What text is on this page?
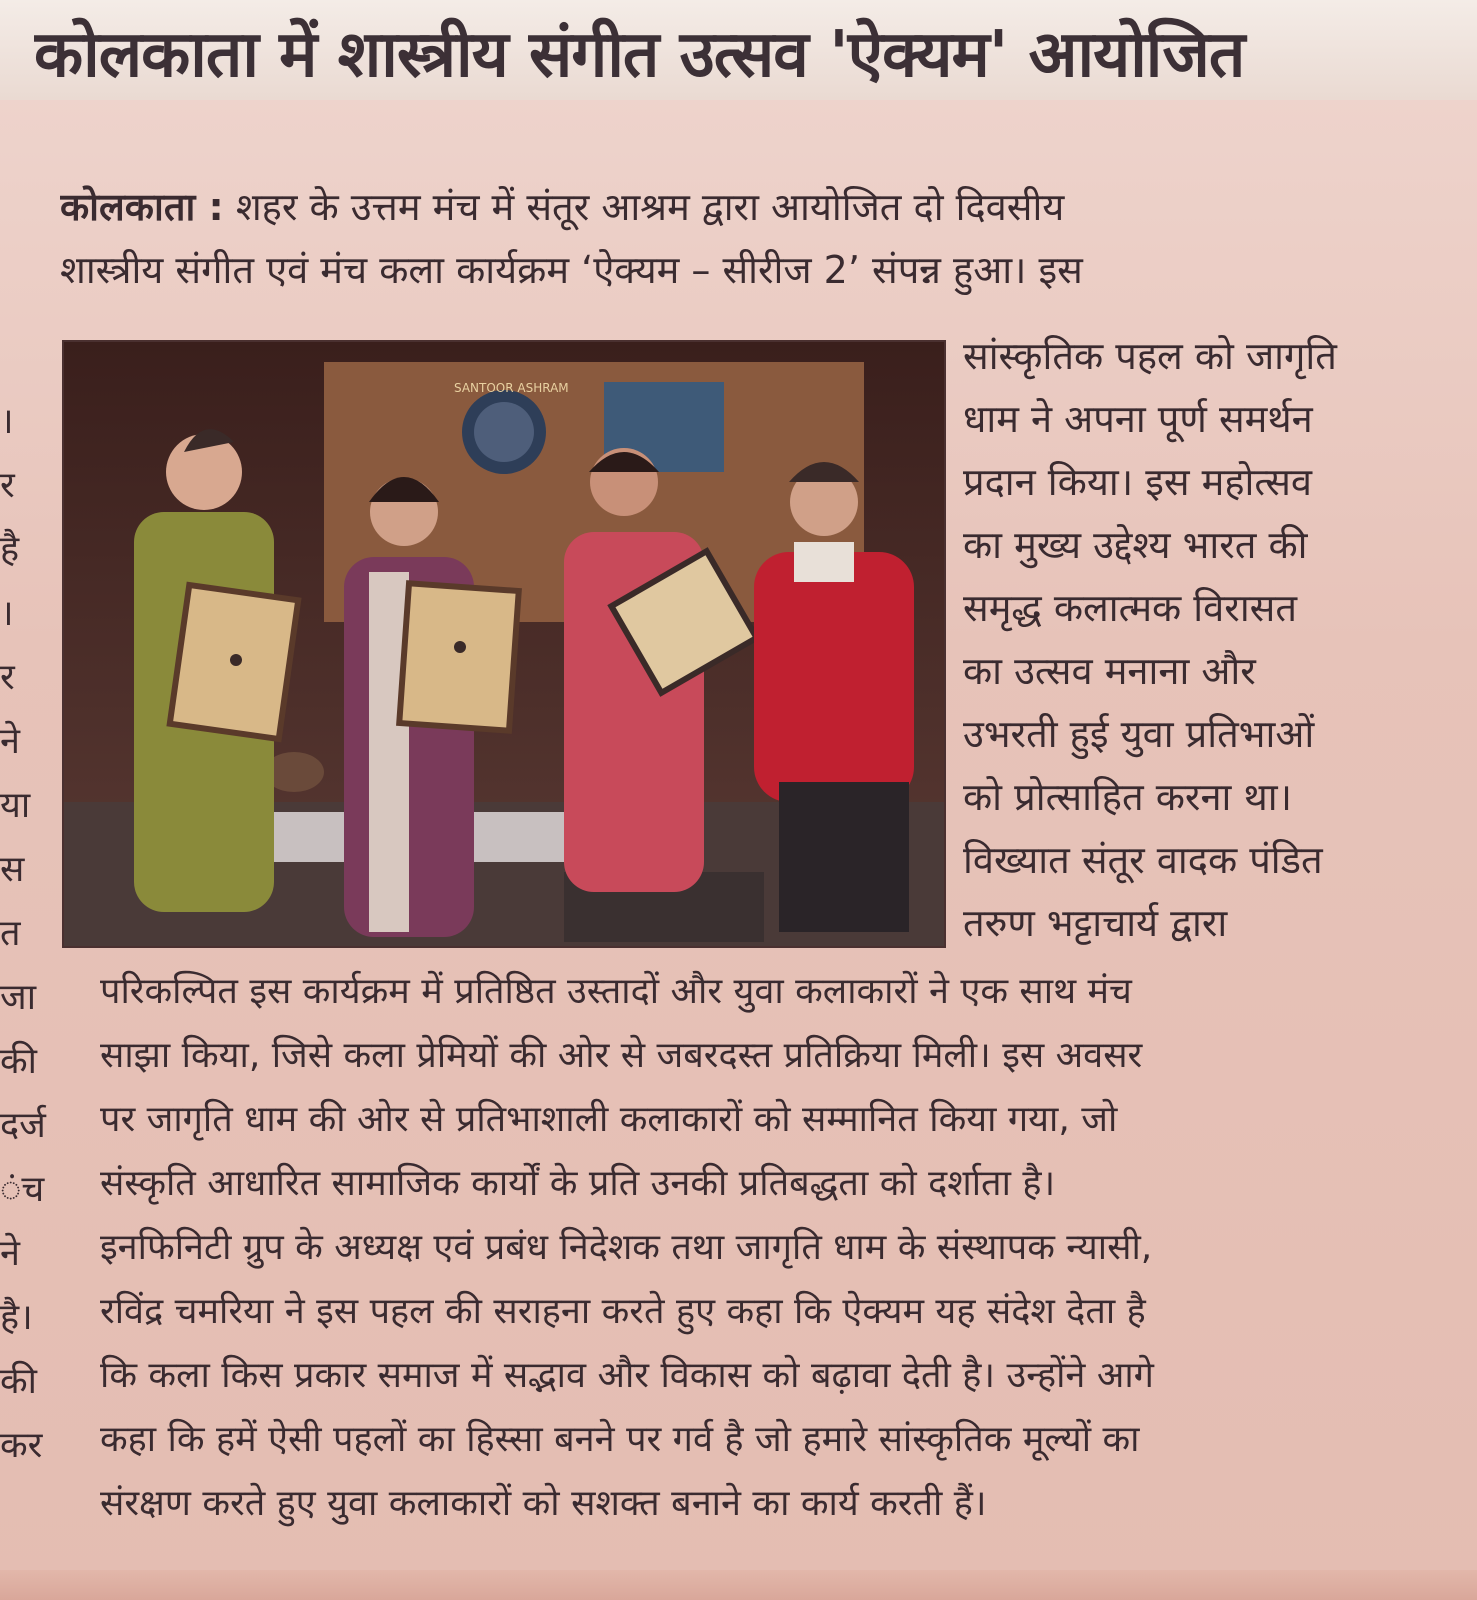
कोलकाता में शास्त्रीय संगीत उत्सव 'ऐक्यम' आयोजित
कोलकाता : शहर के उत्तम मंच में संतूर आश्रम द्वारा आयोजित दो दिवसीय
शास्त्रीय संगीत एवं मंच कला कार्यक्रम ‘ऐक्यम – सीरीज 2’ संपन्न हुआ। इस
SANTOOR ASHRAM
सांस्कृतिक पहल को जागृति
धाम ने अपना पूर्ण समर्थन
प्रदान किया। इस महोत्सव
का मुख्य उद्देश्य भारत की
समृद्ध कलात्मक विरासत
का उत्सव मनाना और
उभरती हुई युवा प्रतिभाओं
को प्रोत्साहित करना था।
विख्यात संतूर वादक पंडित
तरुण भट्टाचार्य द्वारा
परिकल्पित इस कार्यक्रम में प्रतिष्ठित उस्तादों और युवा कलाकारों ने एक साथ मंच
साझा किया, जिसे कला प्रेमियों की ओर से जबरदस्त प्रतिक्रिया मिली। इस अवसर
पर जागृति धाम की ओर से प्रतिभाशाली कलाकारों को सम्मानित किया गया, जो
संस्कृति आधारित सामाजिक कार्यों के प्रति उनकी प्रतिबद्धता को दर्शाता है।
इनफिनिटी ग्रुप के अध्यक्ष एवं प्रबंध निदेशक तथा जागृति धाम के संस्थापक न्यासी,
रविंद्र चमरिया ने इस पहल की सराहना करते हुए कहा कि ऐक्यम यह संदेश देता है
कि कला किस प्रकार समाज में सद्भाव और विकास को बढ़ावा देती है। उन्होंने आगे
कहा कि हमें ऐसी पहलों का हिस्सा बनने पर गर्व है जो हमारे सांस्कृतिक मूल्यों का
संरक्षण करते हुए युवा कलाकारों को सशक्त बनाने का कार्य करती हैं।
।
र
है
।
र
ने
या
स
त
जा
की
दर्ज
ंच
ने
है।
की
कर
